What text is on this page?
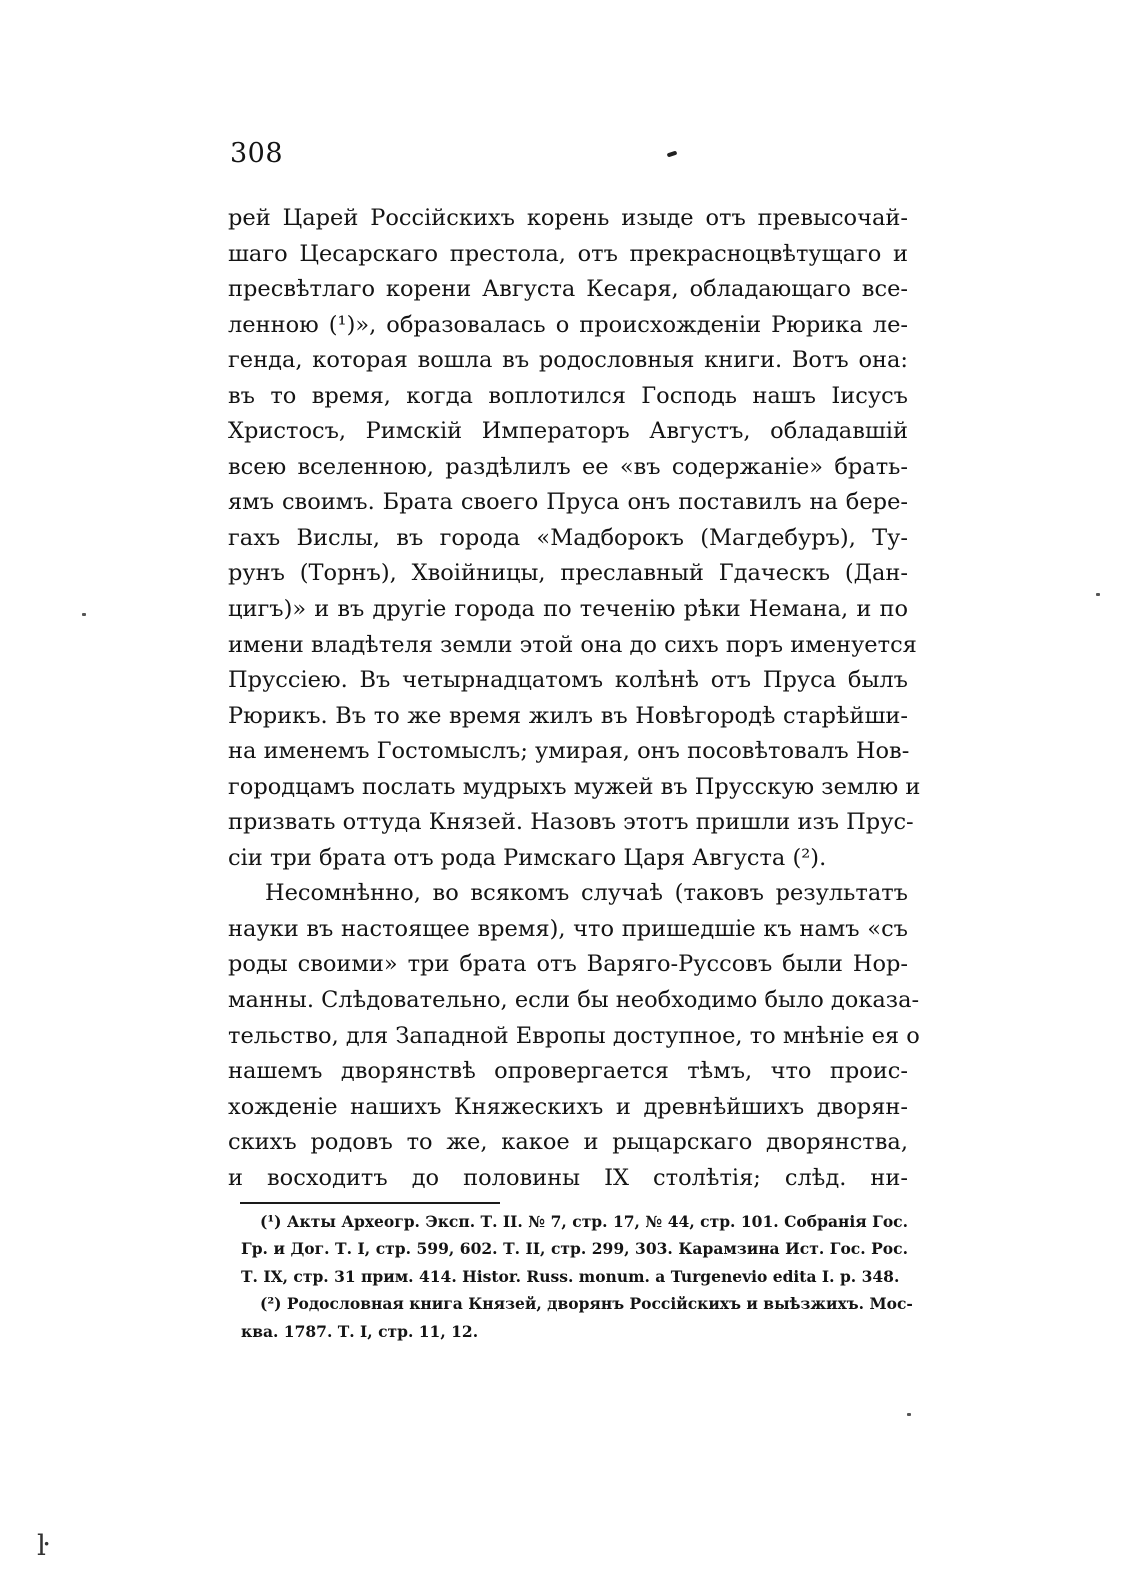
308
рей Царей Россійскихъ корень изыде отъ превысочай-
шаго Цесарскаго престола, отъ прекрасноцвѣтущаго и
пресвѣтлаго корени Августа Кесаря, обладающаго все-
ленною (¹)», образовалась о происхожденіи Рюрика ле-
генда, которая вошла въ родословныя книги. Вотъ она:
въ то время, когда воплотился Господь нашъ Іисусъ
Христосъ, Римскій Императоръ Августъ, обладавшій
всею вселенною, раздѣлилъ ее «въ содержаніе» брать-
ямъ своимъ. Брата своего Пруса онъ поставилъ на бере-
гахъ Вислы, въ города «Мадборокъ (Магдебуръ), Ту-
рунъ (Торнъ), Хвоійницы, преславный Гдаческъ (Дан-
цигъ)» и въ другіе города по теченію рѣки Немана, и по
имени владѣтеля земли этой она до сихъ поръ именуется
Пруссіею. Въ четырнадцатомъ колѣнѣ отъ Пруса былъ
Рюрикъ. Въ то же время жилъ въ Новѣгородѣ старѣйши-
на именемъ Гостомыслъ; умирая, онъ посовѣтовалъ Нов-
городцамъ послать мудрыхъ мужей въ Прусскую землю и
призвать оттуда Князей. Назовъ этотъ пришли изъ Прус-
сіи три брата отъ рода Римскаго Царя Августа (²).
Несомнѣнно, во всякомъ случаѣ (таковъ результатъ
науки въ настоящее время), что пришедшіе къ намъ «съ
роды своими» три брата отъ Варяго-Руссовъ были Нор-
манны. Слѣдовательно, если бы необходимо было доказа-
тельство, для Западной Европы доступное, то мнѣніе ея о
нашемъ дворянствѣ опровергается тѣмъ, что проис-
хожденіе нашихъ Княжескихъ и древнѣйшихъ дворян-
скихъ родовъ то же, какое и рыцарскаго дворянства,
и восходитъ до половины IX столѣтія; слѣд. ни-
(¹) Акты Археогр. Эксп. Т. II. № 7, стр. 17, № 44, стр. 101. Собранія Гос.
Гр. и Дог. Т. I, стр. 599, 602. Т. II, стр. 299, 303. Карамзина Ист. Гос. Рос.
Т. IX, стр. 31 прим. 414. Histor. Russ. monum. a Turgenevio edita I. p. 348.
(²) Родословная книга Князей, дворянъ Россійскихъ и выѣзжихъ. Мос-
ква. 1787. Т. I, стр. 11, 12.
ŀ
